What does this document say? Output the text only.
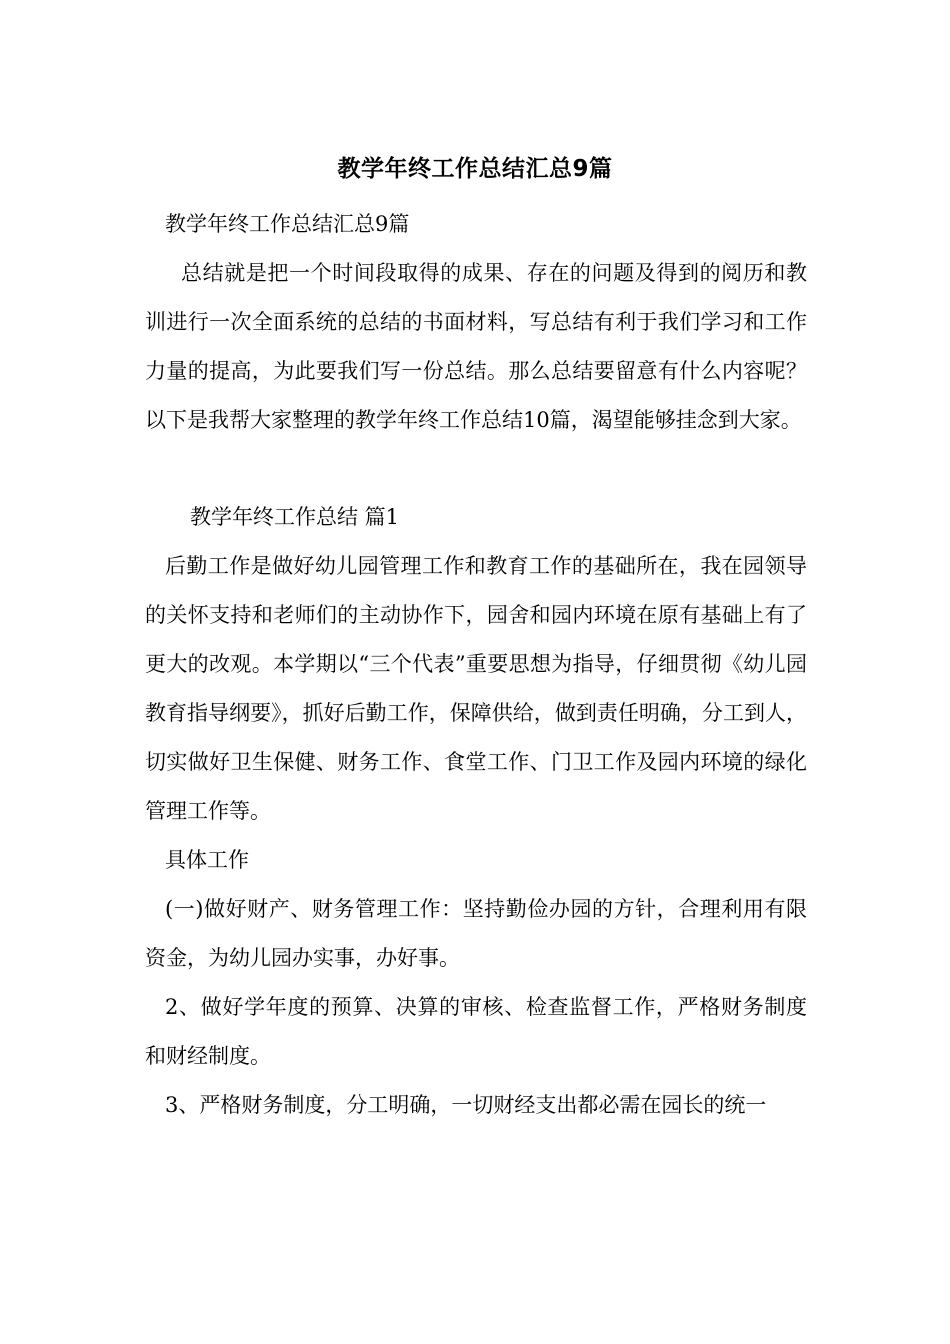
教学年终工作总结汇总9篇

教学年终工作总结汇总9篇

总结就是把一个时间段取得的成果、存在的问题及得到的阅历和教训进行一次全面系统的总结的书面材料，写总结有利于我们学习和工作力量的提高，为此要我们写一份总结。那么总结要留意有什么内容呢？以下是我帮大家整理的教学年终工作总结10篇，渴望能够挂念到大家。

教学年终工作总结 篇1

后勤工作是做好幼儿园管理工作和教育工作的基础所在，我在园领导的关怀支持和老师们的主动协作下，园舍和园内环境在原有基础上有了更大的改观。本学期以“三个代表”重要思想为指导，仔细贯彻《幼儿园教育指导纲要》，抓好后勤工作，保障供给，做到责任明确，分工到人，切实做好卫生保健、财务工作、食堂工作、门卫工作及园内环境的绿化管理工作等。

具体工作

(一)做好财产、财务管理工作：坚持勤俭办园的方针，合理利用有限资金，为幼儿园办实事，办好事。

2、做好学年度的预算、决算的审核、检查监督工作，严格财务制度和财经制度。

3、严格财务制度，分工明确，一切财经支出都必需在园长的统一
